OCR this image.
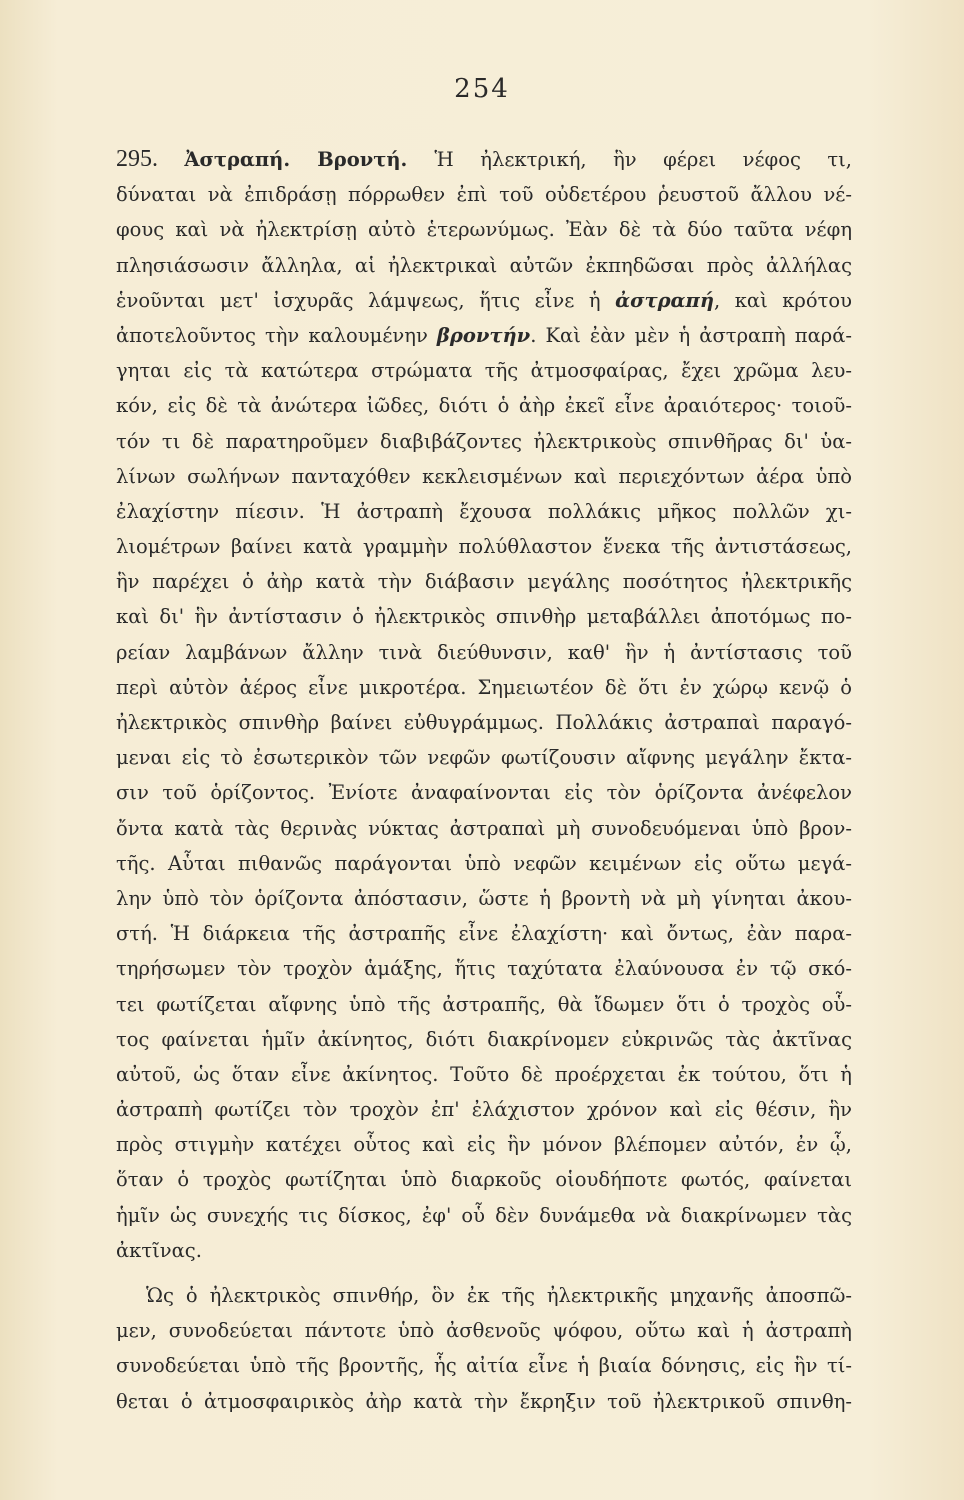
254
295. Ἀστραπή. Βροντή. Ἡ ἠλεκτρική, ἣν φέρει νέφος τι,
δύναται νὰ ἐπιδράσῃ πόρρωθεν ἐπὶ τοῦ οὐδετέρου ῥευστοῦ ἄλλου νέ-
φους καὶ νὰ ἠλεκτρίσῃ αὐτὸ ἑτερωνύμως. Ἐὰν δὲ τὰ δύο ταῦτα νέφη
πλησιάσωσιν ἄλληλα, αἱ ἠλεκτρικαὶ αὐτῶν ἐκπηδῶσαι πρὸς ἀλλήλας
ἑνοῦνται μετ' ἰσχυρᾶς λάμψεως, ἥτις εἶνε ἡ ἀστραπή, καὶ κρότου
ἀποτελοῦντος τὴν καλουμένην βροντήν. Καὶ ἐὰν μὲν ἡ ἀστραπὴ παρά-
γηται εἰς τὰ κατώτερα στρώματα τῆς ἀτμοσφαίρας, ἔχει χρῶμα λευ-
κόν, εἰς δὲ τὰ ἀνώτερα ἰῶδες, διότι ὁ ἀὴρ ἐκεῖ εἶνε ἀραιότερος· τοιοῦ-
τόν τι δὲ παρατηροῦμεν διαβιβάζοντες ἠλεκτρικοὺς σπινθῆρας δι' ὑα-
λίνων σωλήνων πανταχόθεν κεκλεισμένων καὶ περιεχόντων ἀέρα ὑπὸ
ἐλαχίστην πίεσιν. Ἡ ἀστραπὴ ἔχουσα πολλάκις μῆκος πολλῶν χι-
λιομέτρων βαίνει κατὰ γραμμὴν πολύθλαστον ἕνεκα τῆς ἀντιστάσεως,
ἣν παρέχει ὁ ἀὴρ κατὰ τὴν διάβασιν μεγάλης ποσότητος ἠλεκτρικῆς
καὶ δι' ἣν ἀντίστασιν ὁ ἠλεκτρικὸς σπινθὴρ μεταβάλλει ἀποτόμως πο-
ρείαν λαμβάνων ἄλλην τινὰ διεύθυνσιν, καθ' ἣν ἡ ἀντίστασις τοῦ
περὶ αὐτὸν ἀέρος εἶνε μικροτέρα. Σημειωτέον δὲ ὅτι ἐν χώρῳ κενῷ ὁ
ἠλεκτρικὸς σπινθὴρ βαίνει εὐθυγράμμως. Πολλάκις ἀστραπαὶ παραγό-
μεναι εἰς τὸ ἐσωτερικὸν τῶν νεφῶν φωτίζουσιν αἴφνης μεγάλην ἔκτα-
σιν τοῦ ὁρίζοντος. Ἐνίοτε ἀναφαίνονται εἰς τὸν ὁρίζοντα ἀνέφελον
ὄντα κατὰ τὰς θερινὰς νύκτας ἀστραπαὶ μὴ συνοδευόμεναι ὑπὸ βρον-
τῆς. Αὗται πιθανῶς παράγονται ὑπὸ νεφῶν κειμένων εἰς οὕτω μεγά-
λην ὑπὸ τὸν ὁρίζοντα ἀπόστασιν, ὥστε ἡ βροντὴ νὰ μὴ γίνηται ἀκου-
στή. Ἡ διάρκεια τῆς ἀστραπῆς εἶνε ἐλαχίστη· καὶ ὄντως, ἐὰν παρα-
τηρήσωμεν τὸν τροχὸν ἁμάξης, ἥτις ταχύτατα ἐλαύνουσα ἐν τῷ σκό-
τει φωτίζεται αἴφνης ὑπὸ τῆς ἀστραπῆς, θὰ ἴδωμεν ὅτι ὁ τροχὸς οὗ-
τος φαίνεται ἡμῖν ἀκίνητος, διότι διακρίνομεν εὐκρινῶς τὰς ἀκτῖνας
αὐτοῦ, ὡς ὅταν εἶνε ἀκίνητος. Τοῦτο δὲ προέρχεται ἐκ τούτου, ὅτι ἡ
ἀστραπὴ φωτίζει τὸν τροχὸν ἐπ' ἐλάχιστον χρόνον καὶ εἰς θέσιν, ἣν
πρὸς στιγμὴν κατέχει οὗτος καὶ εἰς ἣν μόνον βλέπομεν αὐτόν, ἐν ᾧ,
ὅταν ὁ τροχὸς φωτίζηται ὑπὸ διαρκοῦς οἱουδήποτε φωτός, φαίνεται
ἡμῖν ὡς συνεχής τις δίσκος, ἐφ' οὗ δὲν δυνάμεθα νὰ διακρίνωμεν τὰς
ἀκτῖνας.
Ὡς ὁ ἠλεκτρικὸς σπινθήρ, ὃν ἐκ τῆς ἠλεκτρικῆς μηχανῆς ἀποσπῶ-
μεν, συνοδεύεται πάντοτε ὑπὸ ἀσθενοῦς ψόφου, οὕτω καὶ ἡ ἀστραπὴ
συνοδεύεται ὑπὸ τῆς βροντῆς, ἧς αἰτία εἶνε ἡ βιαία δόνησις, εἰς ἣν τί-
θεται ὁ ἀτμοσφαιρικὸς ἀὴρ κατὰ τὴν ἔκρηξιν τοῦ ἠλεκτρικοῦ σπινθη-
